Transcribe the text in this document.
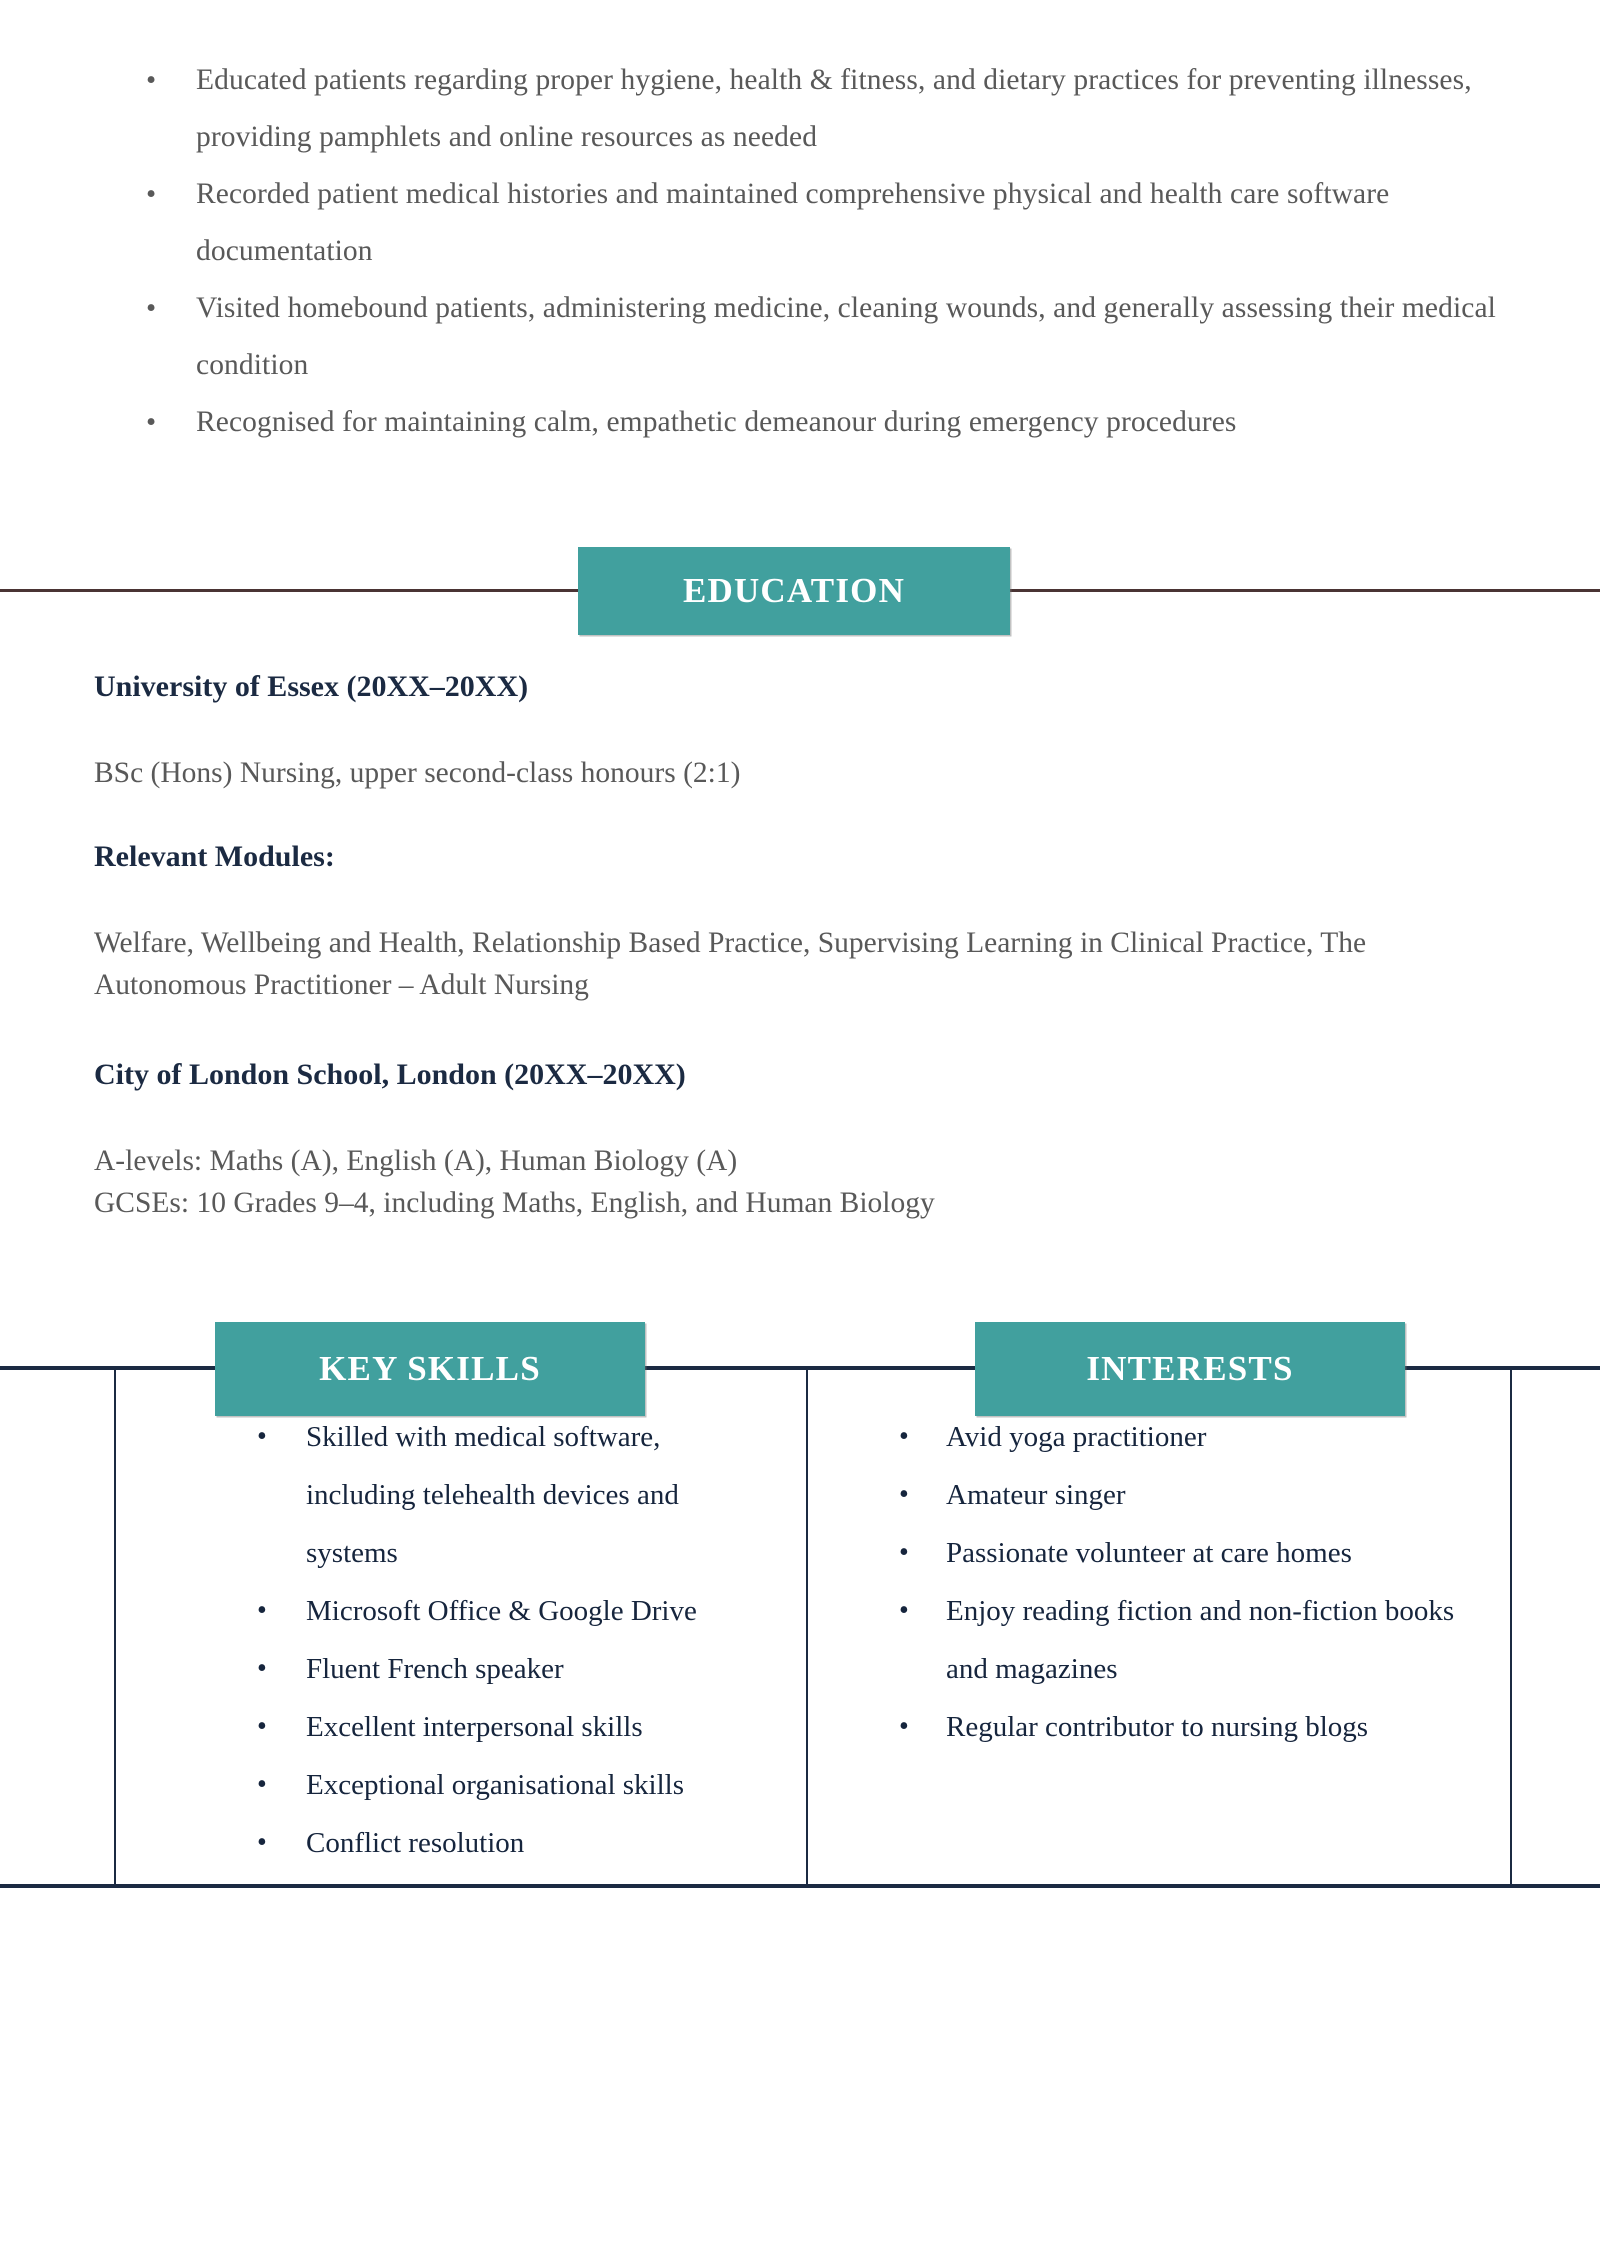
•	Educated patients regarding proper hygiene, health & fitness, and dietary practices for preventing illnesses, providing pamphlets and online resources as needed
•	Recorded patient medical histories and maintained comprehensive physical and health care software documentation
•	Visited homebound patients, administering medicine, cleaning wounds, and generally assessing their medical condition
•	Recognised for maintaining calm, empathetic demeanour during emergency procedures
EDUCATION

University of Essex (20XX–20XX)

BSc (Hons) Nursing, upper second-class honours (2:1)

Relevant Modules:

Welfare, Wellbeing and Health, Relationship Based Practice, Supervising Learning in Clinical Practice, The Autonomous Practitioner – Adult Nursing

City of London School, London (20XX–20XX)

A-levels: Maths (A), English (A), Human Biology (A)

GCSEs: 10 Grades 9–4, including Maths, English, and Human Biology

KEY SKILLS	INTERESTS
• Skilled with medical software, including telehealth devices and systems
• Microsoft Office & Google Drive
• Fluent French speaker
• Excellent interpersonal skills
• Exceptional organisational skills
• Conflict resolution
• Avid yoga practitioner
• Amateur singer
• Passionate volunteer at care homes
• Enjoy reading fiction and non-fiction books and magazines
• Regular contributor to nursing blogs
